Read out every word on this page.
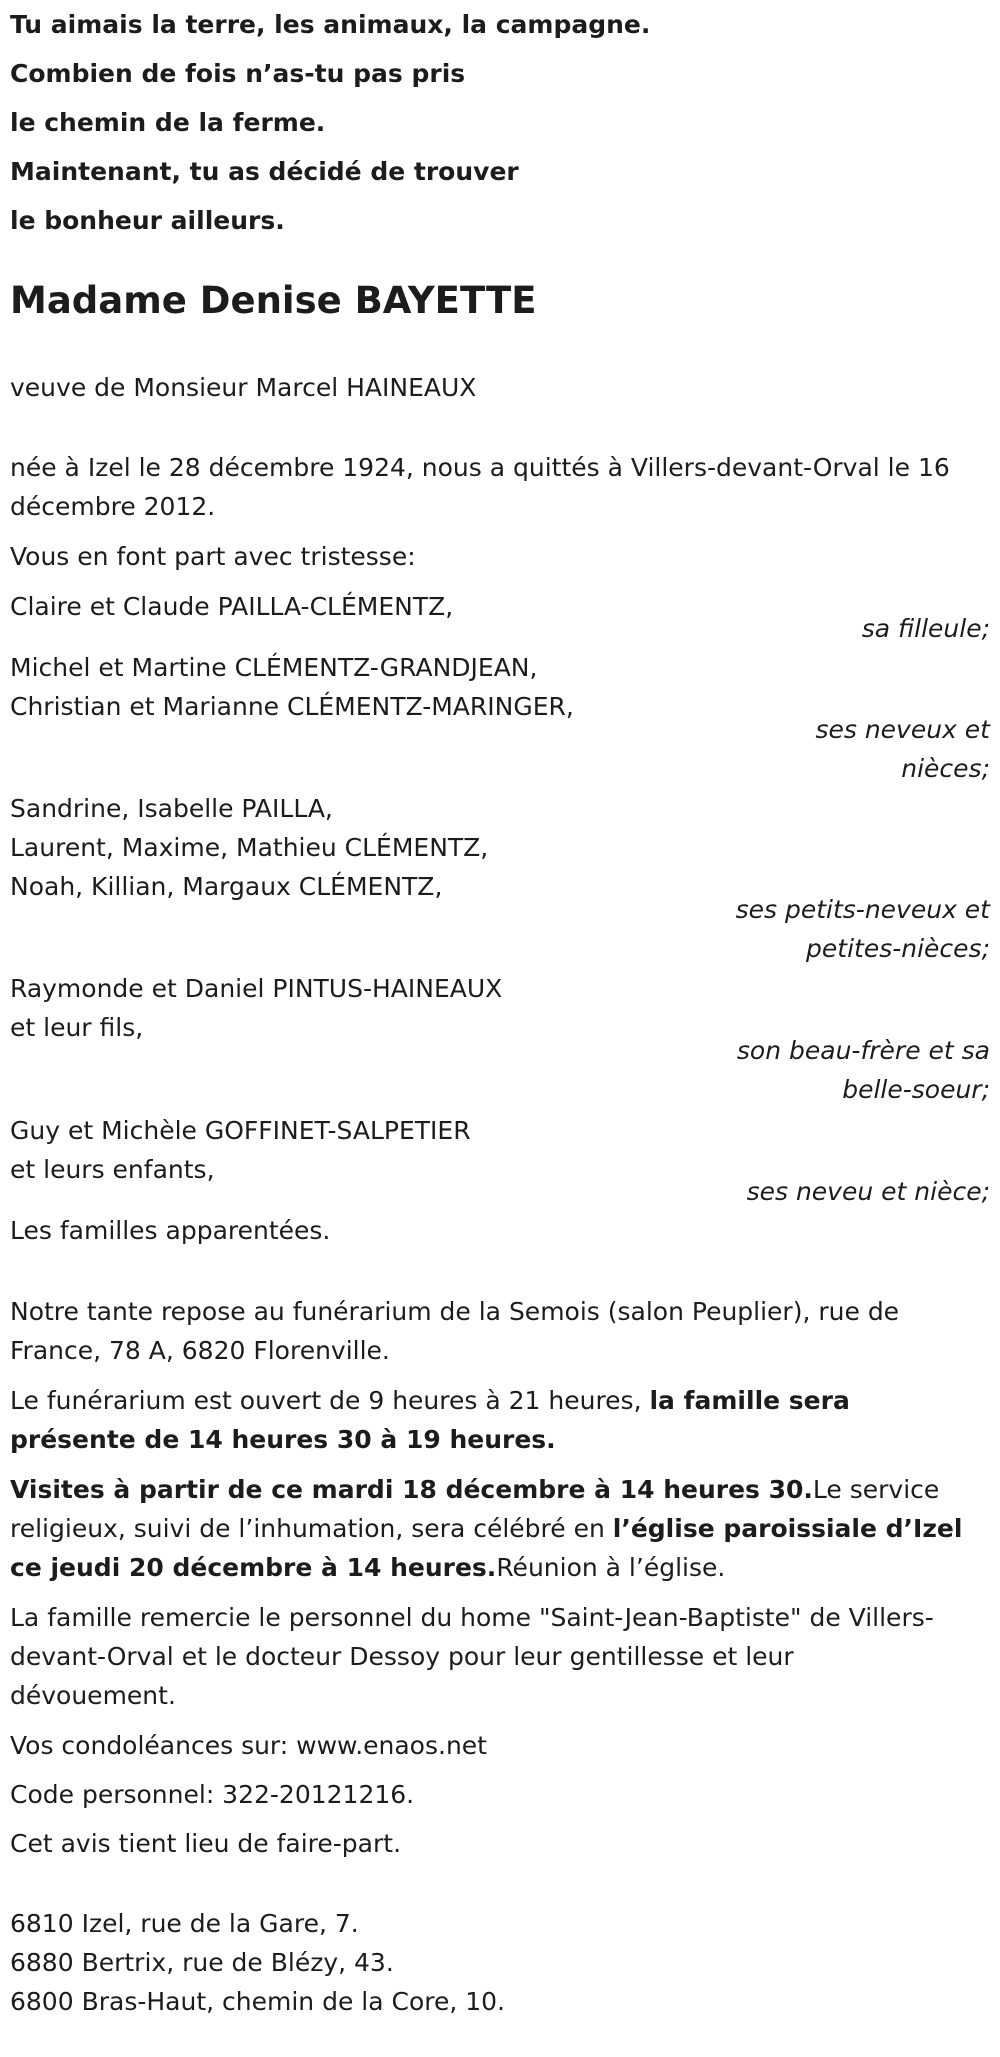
Tu aimais la terre, les animaux, la campagne.
Combien de fois n’as-tu pas pris
le chemin de la ferme.
Maintenant, tu as décidé de trouver
le bonheur ailleurs.
Madame Denise BAYETTE
veuve de Monsieur Marcel HAINEAUX
née à Izel le 28 décembre 1924, nous a quittés à Villers-devant-Orval le 16
décembre 2012.
Vous en font part avec tristesse:
Claire et Claude PAILLA-CLÉMENTZ,
sa filleule;
Michel et Martine CLÉMENTZ-GRANDJEAN,
Christian et Marianne CLÉMENTZ-MARINGER,
ses neveux et
nièces;
Sandrine, Isabelle PAILLA,
Laurent, Maxime, Mathieu CLÉMENTZ,
Noah, Killian, Margaux CLÉMENTZ,
ses petits-neveux et
petites-nièces;
Raymonde et Daniel PINTUS-HAINEAUX
et leur fils,
son beau-frère et sa
belle-soeur;
Guy et Michèle GOFFINET-SALPETIER
et leurs enfants,
ses neveu et nièce;
Les familles apparentées.
Notre tante repose au funérarium de la Semois (salon Peuplier), rue de
France, 78 A, 6820 Florenville.
Le funérarium est ouvert de 9 heures à 21 heures, la famille sera
présente de 14 heures 30 à 19 heures.
Visites à partir de ce mardi 18 décembre à 14 heures 30.Le service
religieux, suivi de l’inhumation, sera célébré en l’église paroissiale d’Izel
ce jeudi 20 décembre à 14 heures.Réunion à l’église.
La famille remercie le personnel du home "Saint-Jean-Baptiste" de Villers-
devant-Orval et le docteur Dessoy pour leur gentillesse et leur
dévouement.
Vos condoléances sur: www.enaos.net
Code personnel: 322-20121216.
Cet avis tient lieu de faire-part.
6810 Izel, rue de la Gare, 7.
6880 Bertrix, rue de Blézy, 43.
6800 Bras-Haut, chemin de la Core, 10.
